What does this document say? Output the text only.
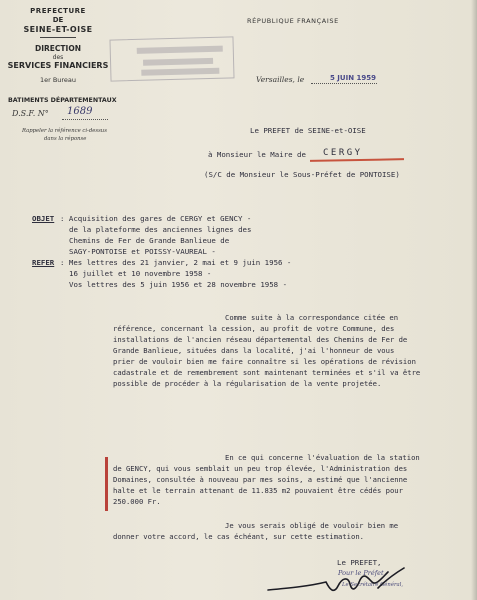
PREFECTURE
DE
SEINE-ET-OISE
DIRECTION
des
SERVICES FINANCIERS
1er Bureau
BATIMENTS DÉPARTEMENTAUX
D.S.F. N° 1689
Rappeler la référence ci-dessus
dans la réponse
RÉPUBLIQUE FRANÇAISE
Versailles, le	5 JUIN 1959
Le PREFET de SEINE-et-OISE
à Monsieur le Maire de CERGY
(S/C de Monsieur le Sous-Préfet de PONTOISE)
OBJET : Acquisition des gares de CERGY et GENCY -
de la plateforme des anciennes lignes des
Chemins de Fer de Grande Banlieue de
SAGY-PONTOISE et POISSY-VAUREAL -
REFER : Mes lettres des 21 janvier, 2 mai et 9 juin 1956 -
16 juillet et 10 novembre 1958 -
Vos lettres des 5 juin 1956 et 28 novembre 1958 -
Comme suite à la correspondance citée en
référence, concernant la cession, au profit de votre Commune, des
installations de l'ancien réseau départemental des Chemins de Fer de
Grande Banlieue, situées dans la localité, j'ai l'honneur de vous
prier de vouloir bien me faire connaître si les opérations de révision
cadastrale et de remembrement sont maintenant terminées et s'il va être
possible de procéder à la régularisation de la vente projetée.
En ce qui concerne l'évaluation de la station
de GENCY, qui vous semblait un peu trop élevée, l'Administration des
Domaines, consultée à nouveau par mes soins, a estimé que l'ancienne
halte et le terrain attenant de 11.835 m2 pouvaient être cédés pour
250.000 Fr.
Je vous serais obligé de vouloir bien me
donner votre accord, le cas échéant, sur cette estimation.
Le PREFET,
Pour le Préfet,
Le Secrétaire Général,
